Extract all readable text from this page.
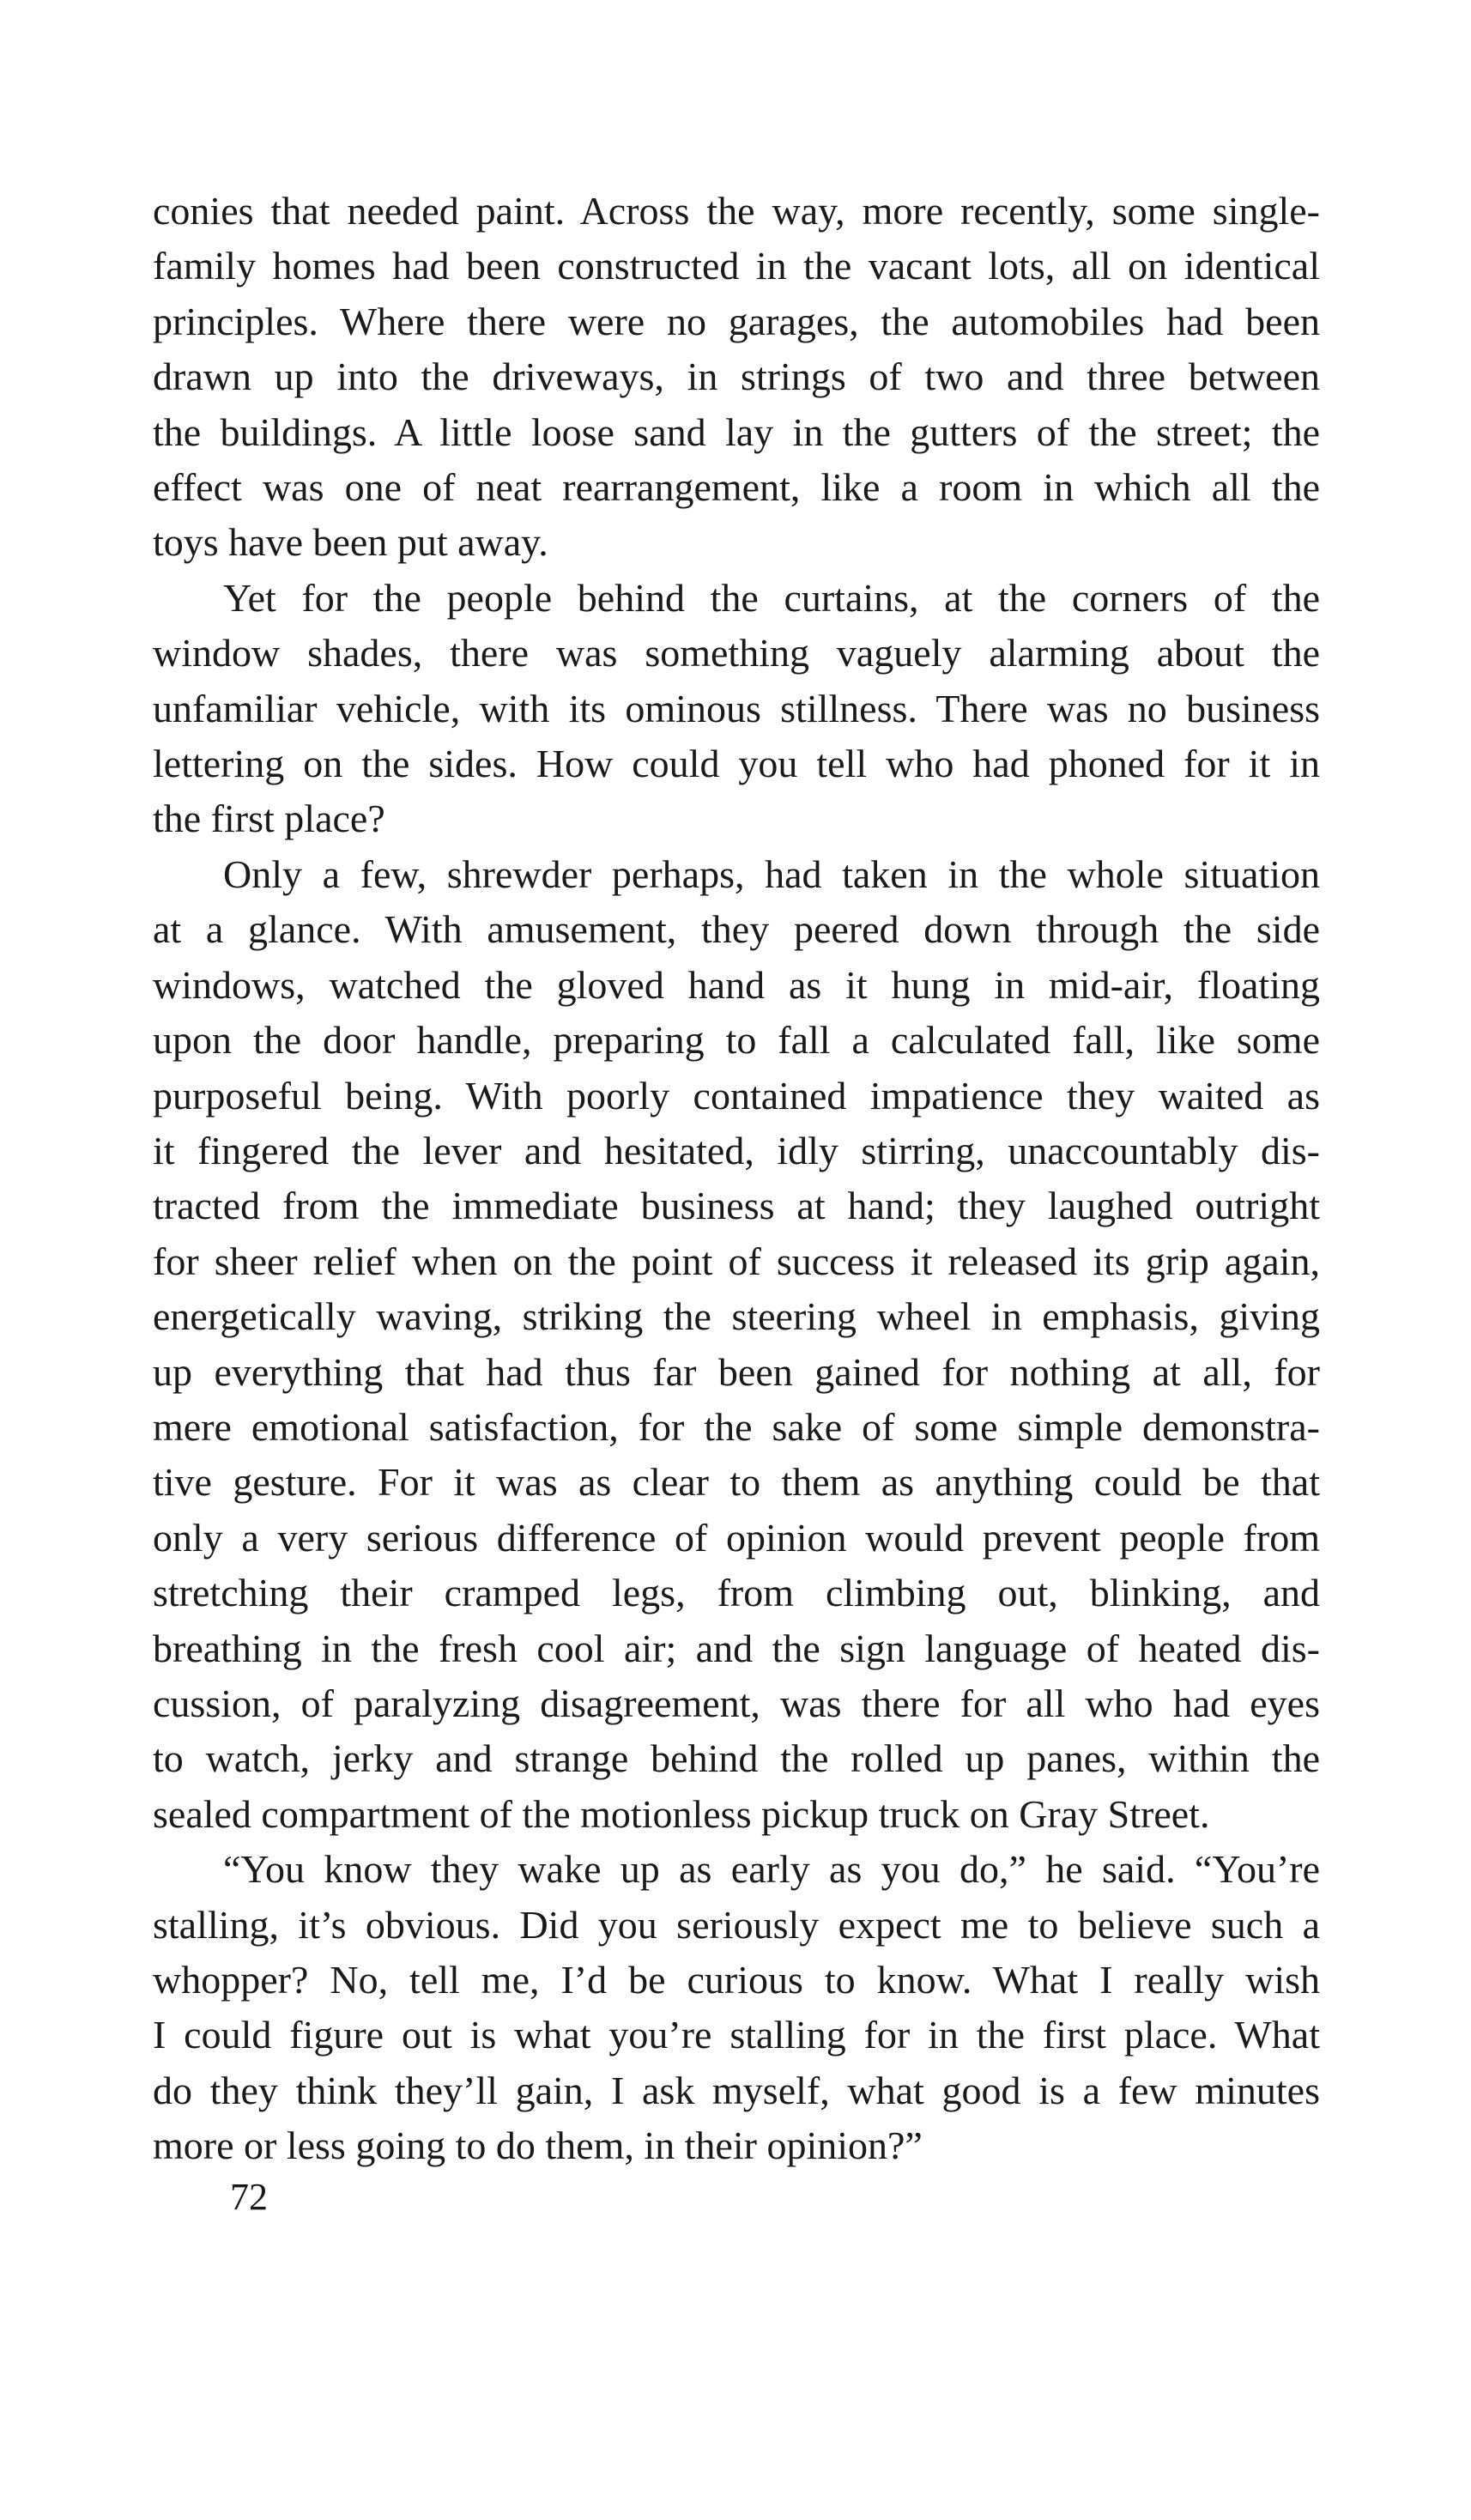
conies that needed paint. Across the way, more recently, some single-
family homes had been constructed in the vacant lots, all on identical
principles. Where there were no garages, the automobiles had been
drawn up into the driveways, in strings of two and three between
the buildings. A little loose sand lay in the gutters of the street; the
effect was one of neat rearrangement, like a room in which all the
toys have been put away.
Yet for the people behind the curtains, at the corners of the
window shades, there was something vaguely alarming about the
unfamiliar vehicle, with its ominous stillness. There was no business
lettering on the sides. How could you tell who had phoned for it in
the first place?
Only a few, shrewder perhaps, had taken in the whole situation
at a glance. With amusement, they peered down through the side
windows, watched the gloved hand as it hung in mid-air, floating
upon the door handle, preparing to fall a calculated fall, like some
purposeful being. With poorly contained impatience they waited as
it fingered the lever and hesitated, idly stirring, unaccountably dis-
tracted from the immediate business at hand; they laughed outright
for sheer relief when on the point of success it released its grip again,
energetically waving, striking the steering wheel in emphasis, giving
up everything that had thus far been gained for nothing at all, for
mere emotional satisfaction, for the sake of some simple demonstra-
tive gesture. For it was as clear to them as anything could be that
only a very serious difference of opinion would prevent people from
stretching their cramped legs, from climbing out, blinking, and
breathing in the fresh cool air; and the sign language of heated dis-
cussion, of paralyzing disagreement, was there for all who had eyes
to watch, jerky and strange behind the rolled up panes, within the
sealed compartment of the motionless pickup truck on Gray Street.
“You know they wake up as early as you do,” he said. “You’re
stalling, it’s obvious. Did you seriously expect me to believe such a
whopper? No, tell me, I’d be curious to know. What I really wish
I could figure out is what you’re stalling for in the first place. What
do they think they’ll gain, I ask myself, what good is a few minutes
more or less going to do them, in their opinion?”
72
